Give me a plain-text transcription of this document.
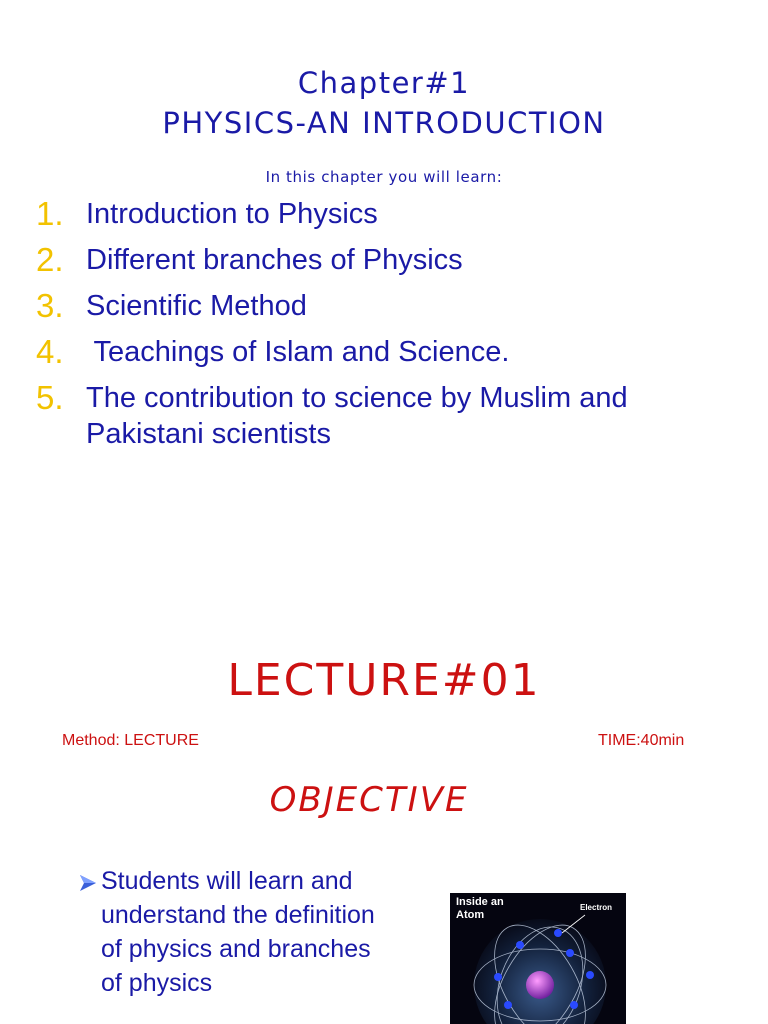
Chapter#1
PHYSICS-AN INTRODUCTION
In this chapter you will learn:
1. Introduction to Physics
2. Different branches of Physics
3. Scientific Method
4. Teachings of Islam and Science.
5. The contribution to science by Muslim and Pakistani scientists
LECTURE#01
Method: LECTURE	TIME:40min
OBJECTIVE
Students will learn and understand the definition of physics and branches of physics
Inside an
Atom
Electron
